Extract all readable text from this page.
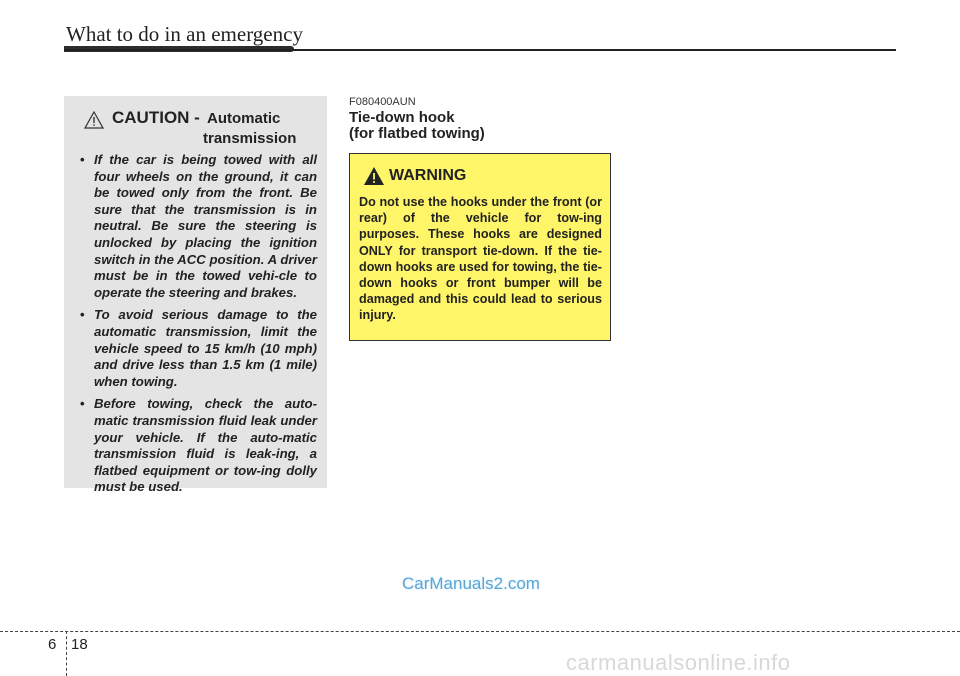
What to do in an emergency
CAUTION - Automatic
transmission
• If the car is being towed with all four wheels on the ground, it can be towed only from the front. Be sure that the transmission is in neutral. Be sure the steering is unlocked by placing the ignition switch in the ACC position. A driver must be in the towed vehi-cle to operate the steering and brakes.
• To avoid serious damage to the automatic transmission, limit the vehicle speed to 15 km/h (10 mph) and drive less than 1.5 km (1 mile) when towing.
• Before towing, check the auto-matic transmission fluid leak under your vehicle. If the auto-matic transmission fluid is leak-ing, a flatbed equipment or tow-ing dolly must be used.
F080400AUN
Tie-down hook
(for flatbed towing)
WARNING

Do not use the hooks under the front (or rear) of the vehicle for tow-ing purposes. These hooks are designed ONLY for transport tie-down. If the tie-down hooks are used for towing, the tie-down hooks or front bumper will be damaged and this could lead to serious injury.

CarManuals2.com
6 18
carmanualsonline.info
